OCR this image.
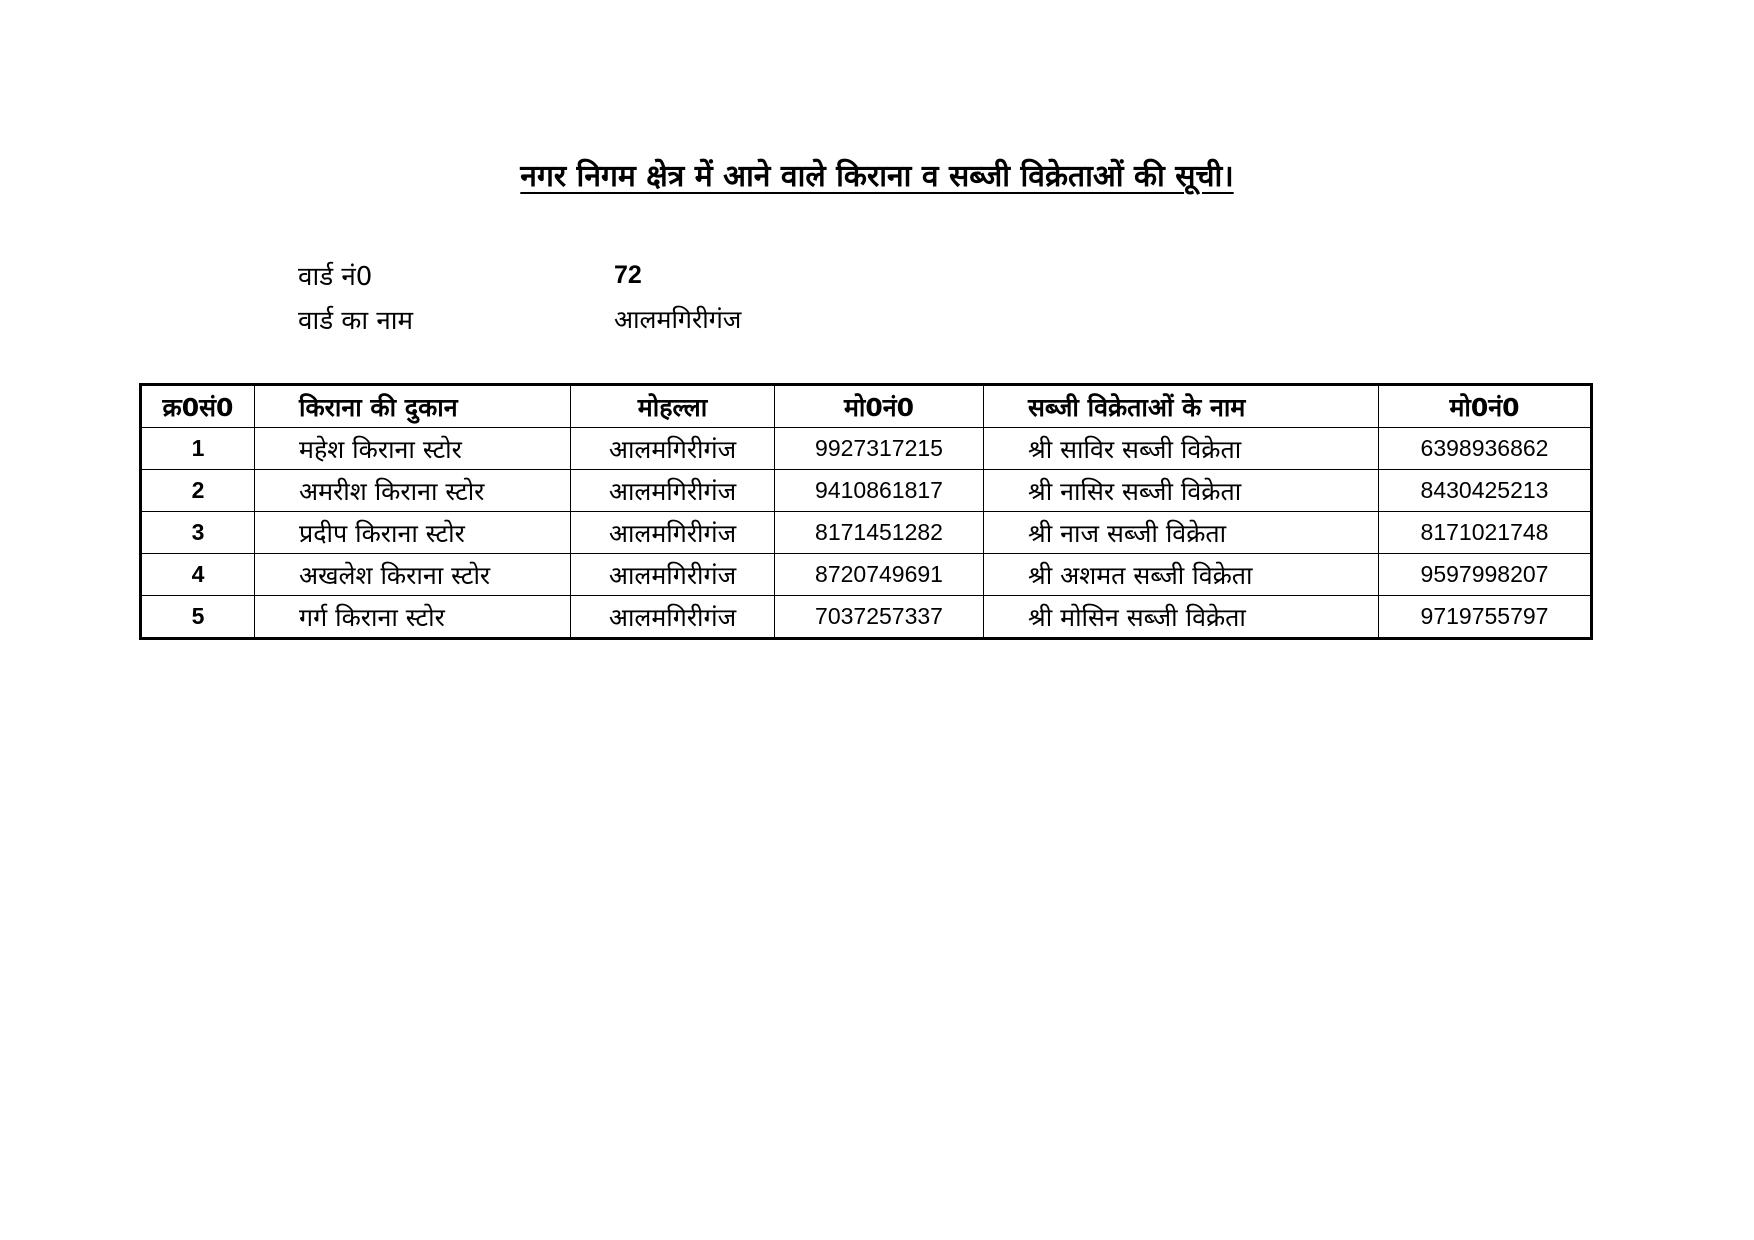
नगर निगम क्षेत्र में आने वाले किराना व सब्जी विक्रेताओं की सूची।
वार्ड नं0	72
वार्ड का नाम	आलमगिरीगंज
क्र0सं0	किराना की दुकान	मोहल्ला	मो0नं0	सब्जी विक्रेताओं के नाम	मो0नं0
1	महेश किराना स्टोर	आलमगिरीगंज	9927317215	श्री साविर सब्जी विक्रेता	6398936862
2	अमरीश किराना स्टोर	आलमगिरीगंज	9410861817	श्री नासिर सब्जी विक्रेता	8430425213
3	प्रदीप किराना स्टोर	आलमगिरीगंज	8171451282	श्री नाज सब्जी विक्रेता	8171021748
4	अखलेश किराना स्टोर	आलमगिरीगंज	8720749691	श्री अशमत सब्जी विक्रेता	9597998207
5	गर्ग किराना स्टोर	आलमगिरीगंज	7037257337	श्री मोसिन सब्जी विक्रेता	9719755797
